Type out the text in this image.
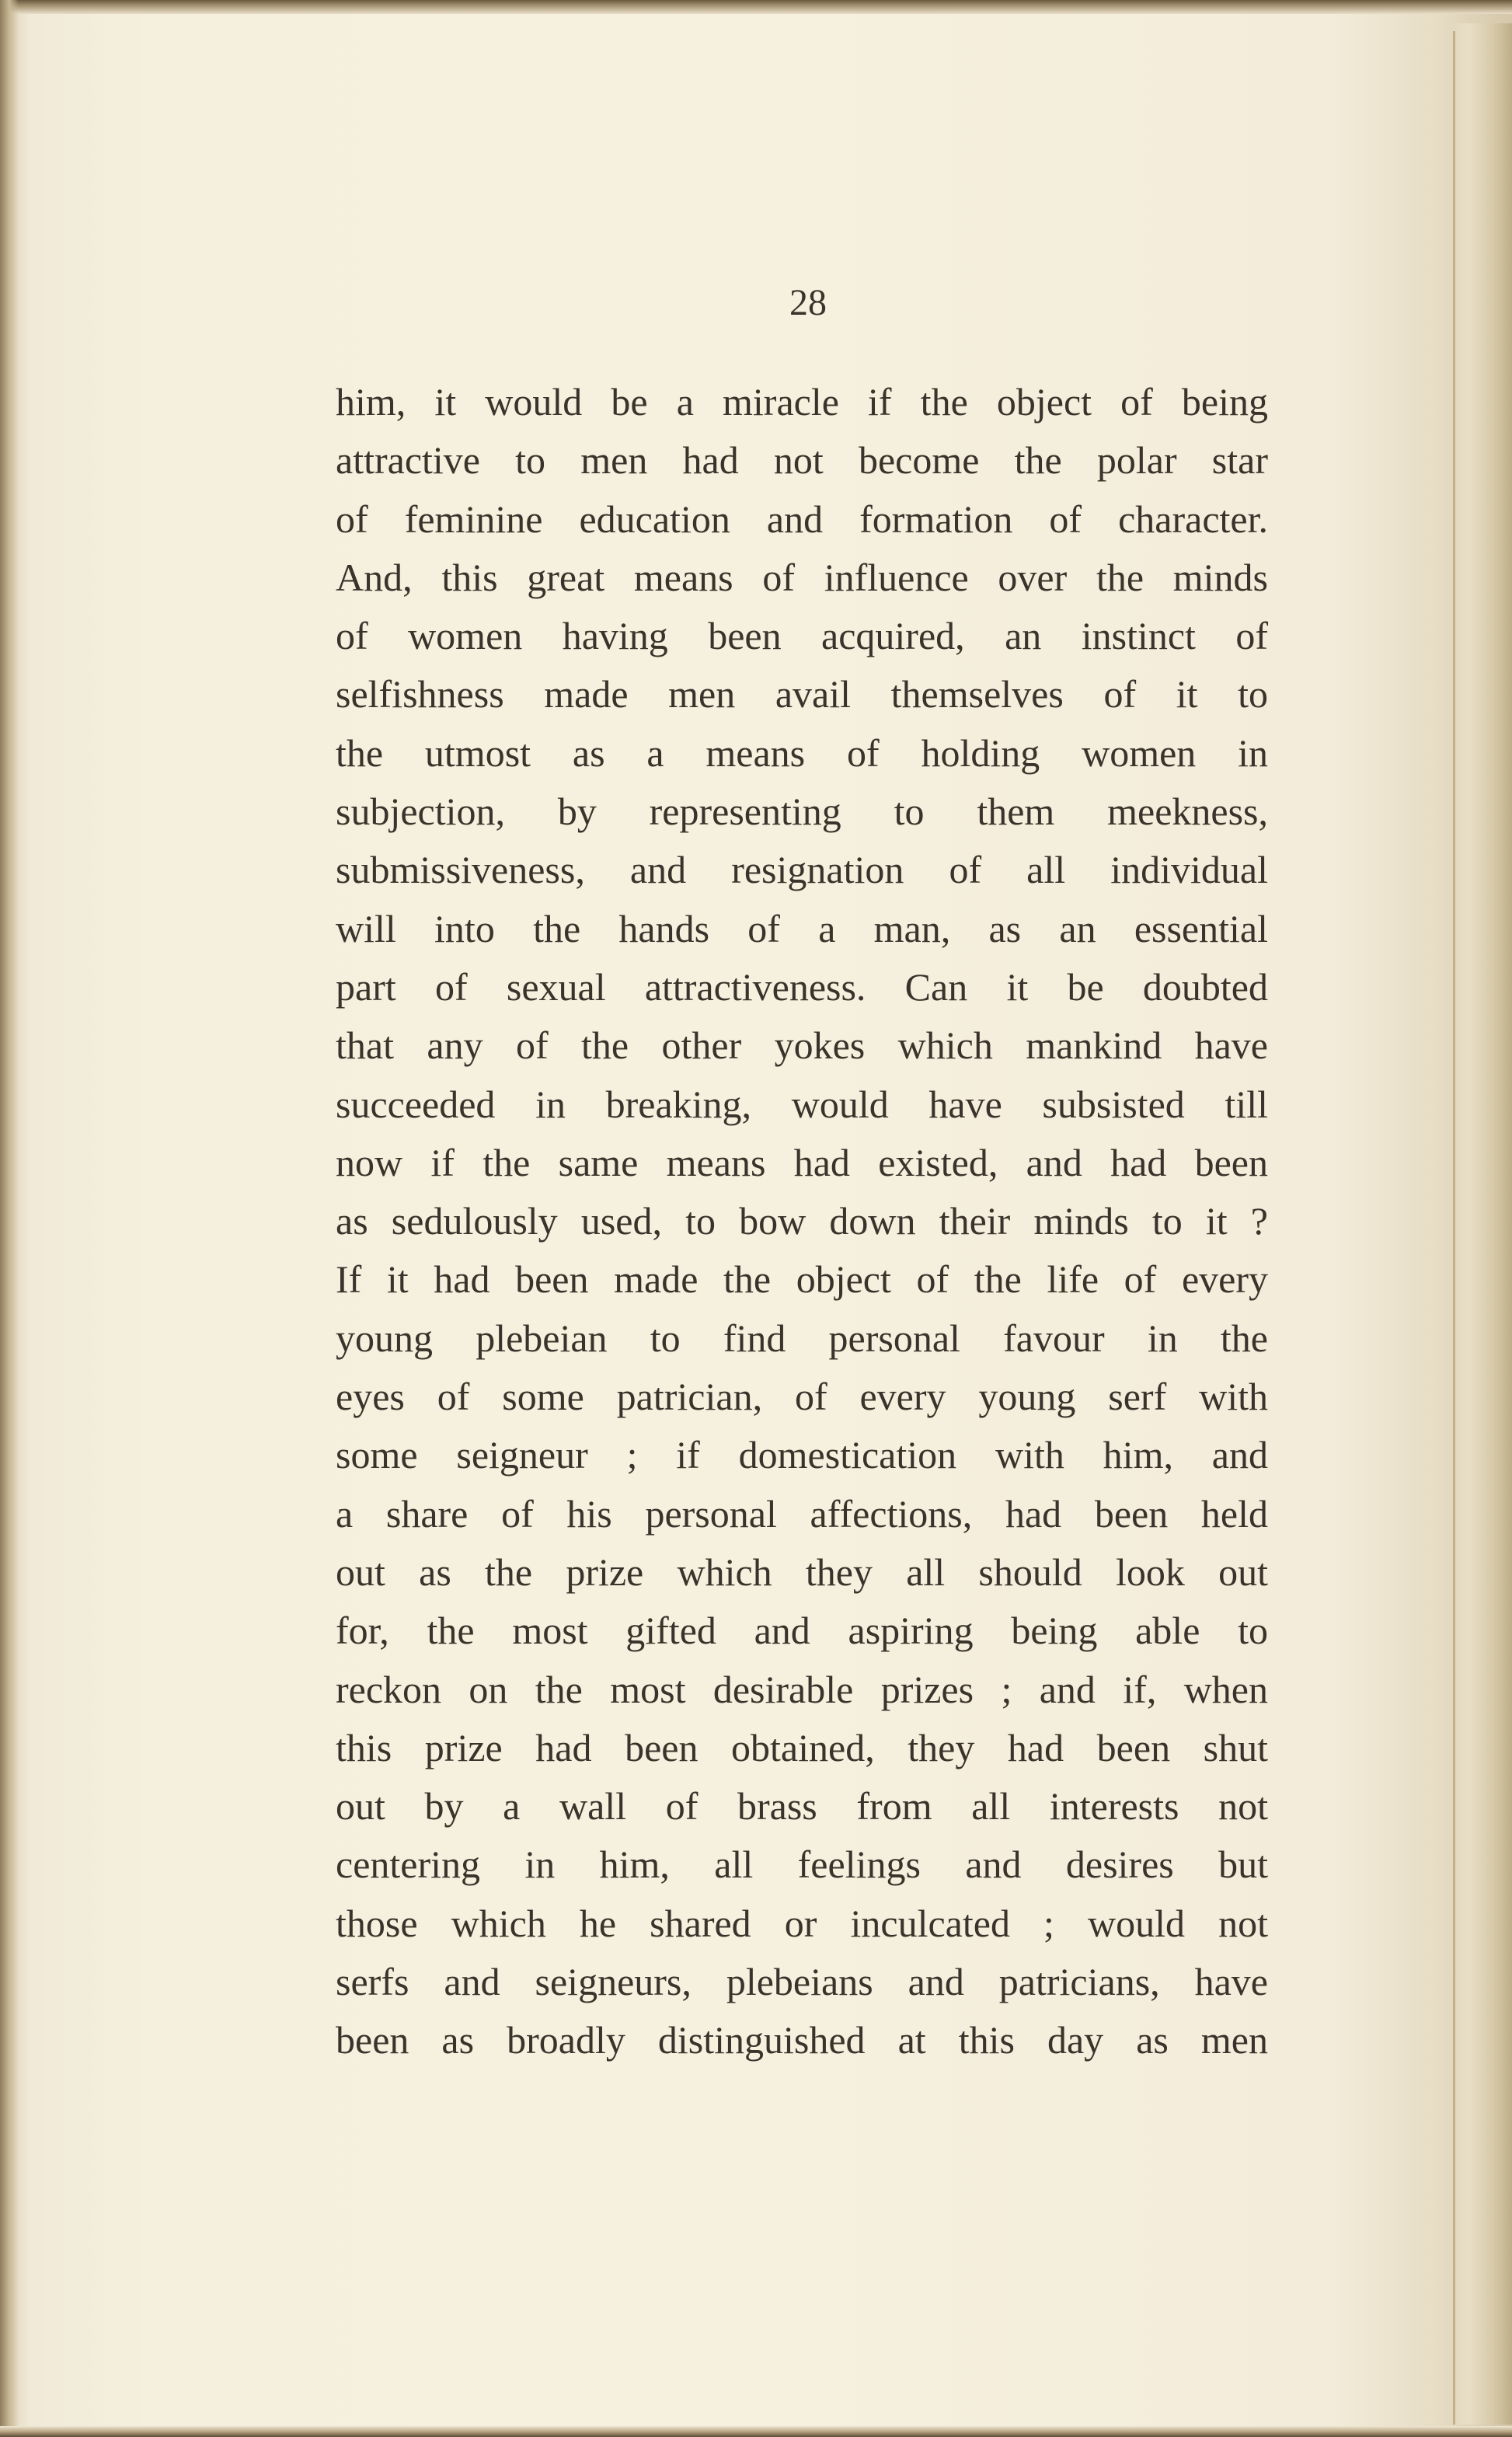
28
him, it would be a miracle if the object of being
attractive to men had not become the polar star
of feminine education and formation of character.
And, this great means of influence over the minds
of women having been acquired, an instinct of
selfishness made men avail themselves of it to
the utmost as a means of holding women in
subjection, by representing to them meekness,
submissiveness, and resignation of all individual
will into the hands of a man, as an essential
part of sexual attractiveness. Can it be doubted
that any of the other yokes which mankind have
succeeded in breaking, would have subsisted till
now if the same means had existed, and had been
as sedulously used, to bow down their minds to it ?
If it had been made the object of the life of every
young plebeian to find personal favour in the
eyes of some patrician, of every young serf with
some seigneur ; if domestication with him, and
a share of his personal affections, had been held
out as the prize which they all should look out
for, the most gifted and aspiring being able to
reckon on the most desirable prizes ; and if, when
this prize had been obtained, they had been shut
out by a wall of brass from all interests not
centering in him, all feelings and desires but
those which he shared or inculcated ; would not
serfs and seigneurs, plebeians and patricians, have
been as broadly distinguished at this day as men
